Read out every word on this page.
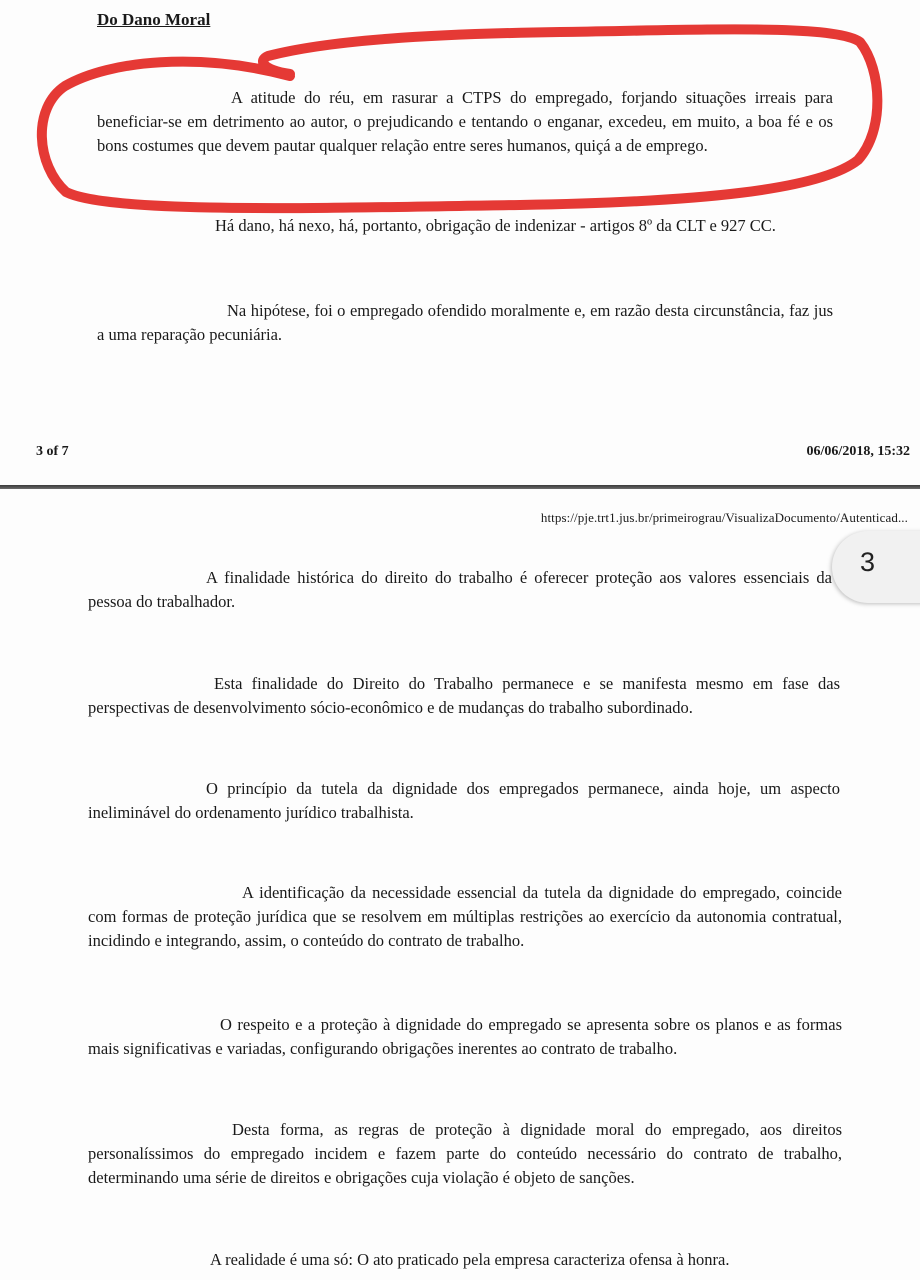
Do Dano Moral

A atitude do réu, em rasurar a CTPS do empregado, forjando situações irreais para beneficiar-se em detrimento ao autor, o prejudicando e tentando o enganar, excedeu, em muito, a boa fé e os bons costumes que devem pautar qualquer relação entre seres humanos, quiçá a de emprego.

Há dano, há nexo, há, portanto, obrigação de indenizar - artigos 8º da CLT e 927 CC.

Na hipótese, foi o empregado ofendido moralmente e, em razão desta circunstância, faz jus a uma reparação pecuniária.

3 of 7	06/06/2018, 15:32
https://pje.trt1.jus.br/primeirograu/VisualizaDocumento/Autenticad...
3

A finalidade histórica do direito do trabalho é oferecer proteção aos valores essenciais da pessoa do trabalhador.

Esta finalidade do Direito do Trabalho permanece e se manifesta mesmo em fase das perspectivas de desenvolvimento sócio-econômico e de mudanças do trabalho subordinado.

O princípio da tutela da dignidade dos empregados permanece, ainda hoje, um aspecto ineliminável do ordenamento jurídico trabalhista.

A identificação da necessidade essencial da tutela da dignidade do empregado, coincide com formas de proteção jurídica que se resolvem em múltiplas restrições ao exercício da autonomia contratual, incidindo e integrando, assim, o conteúdo do contrato de trabalho.

O respeito e a proteção à dignidade do empregado se apresenta sobre os planos e as formas mais significativas e variadas, configurando obrigações inerentes ao contrato de trabalho.

Desta forma, as regras de proteção à dignidade moral do empregado, aos direitos personalíssimos do empregado incidem e fazem parte do conteúdo necessário do contrato de trabalho, determinando uma série de direitos e obrigações cuja violação é objeto de sanções.

A realidade é uma só: O ato praticado pela empresa caracteriza ofensa à honra.
